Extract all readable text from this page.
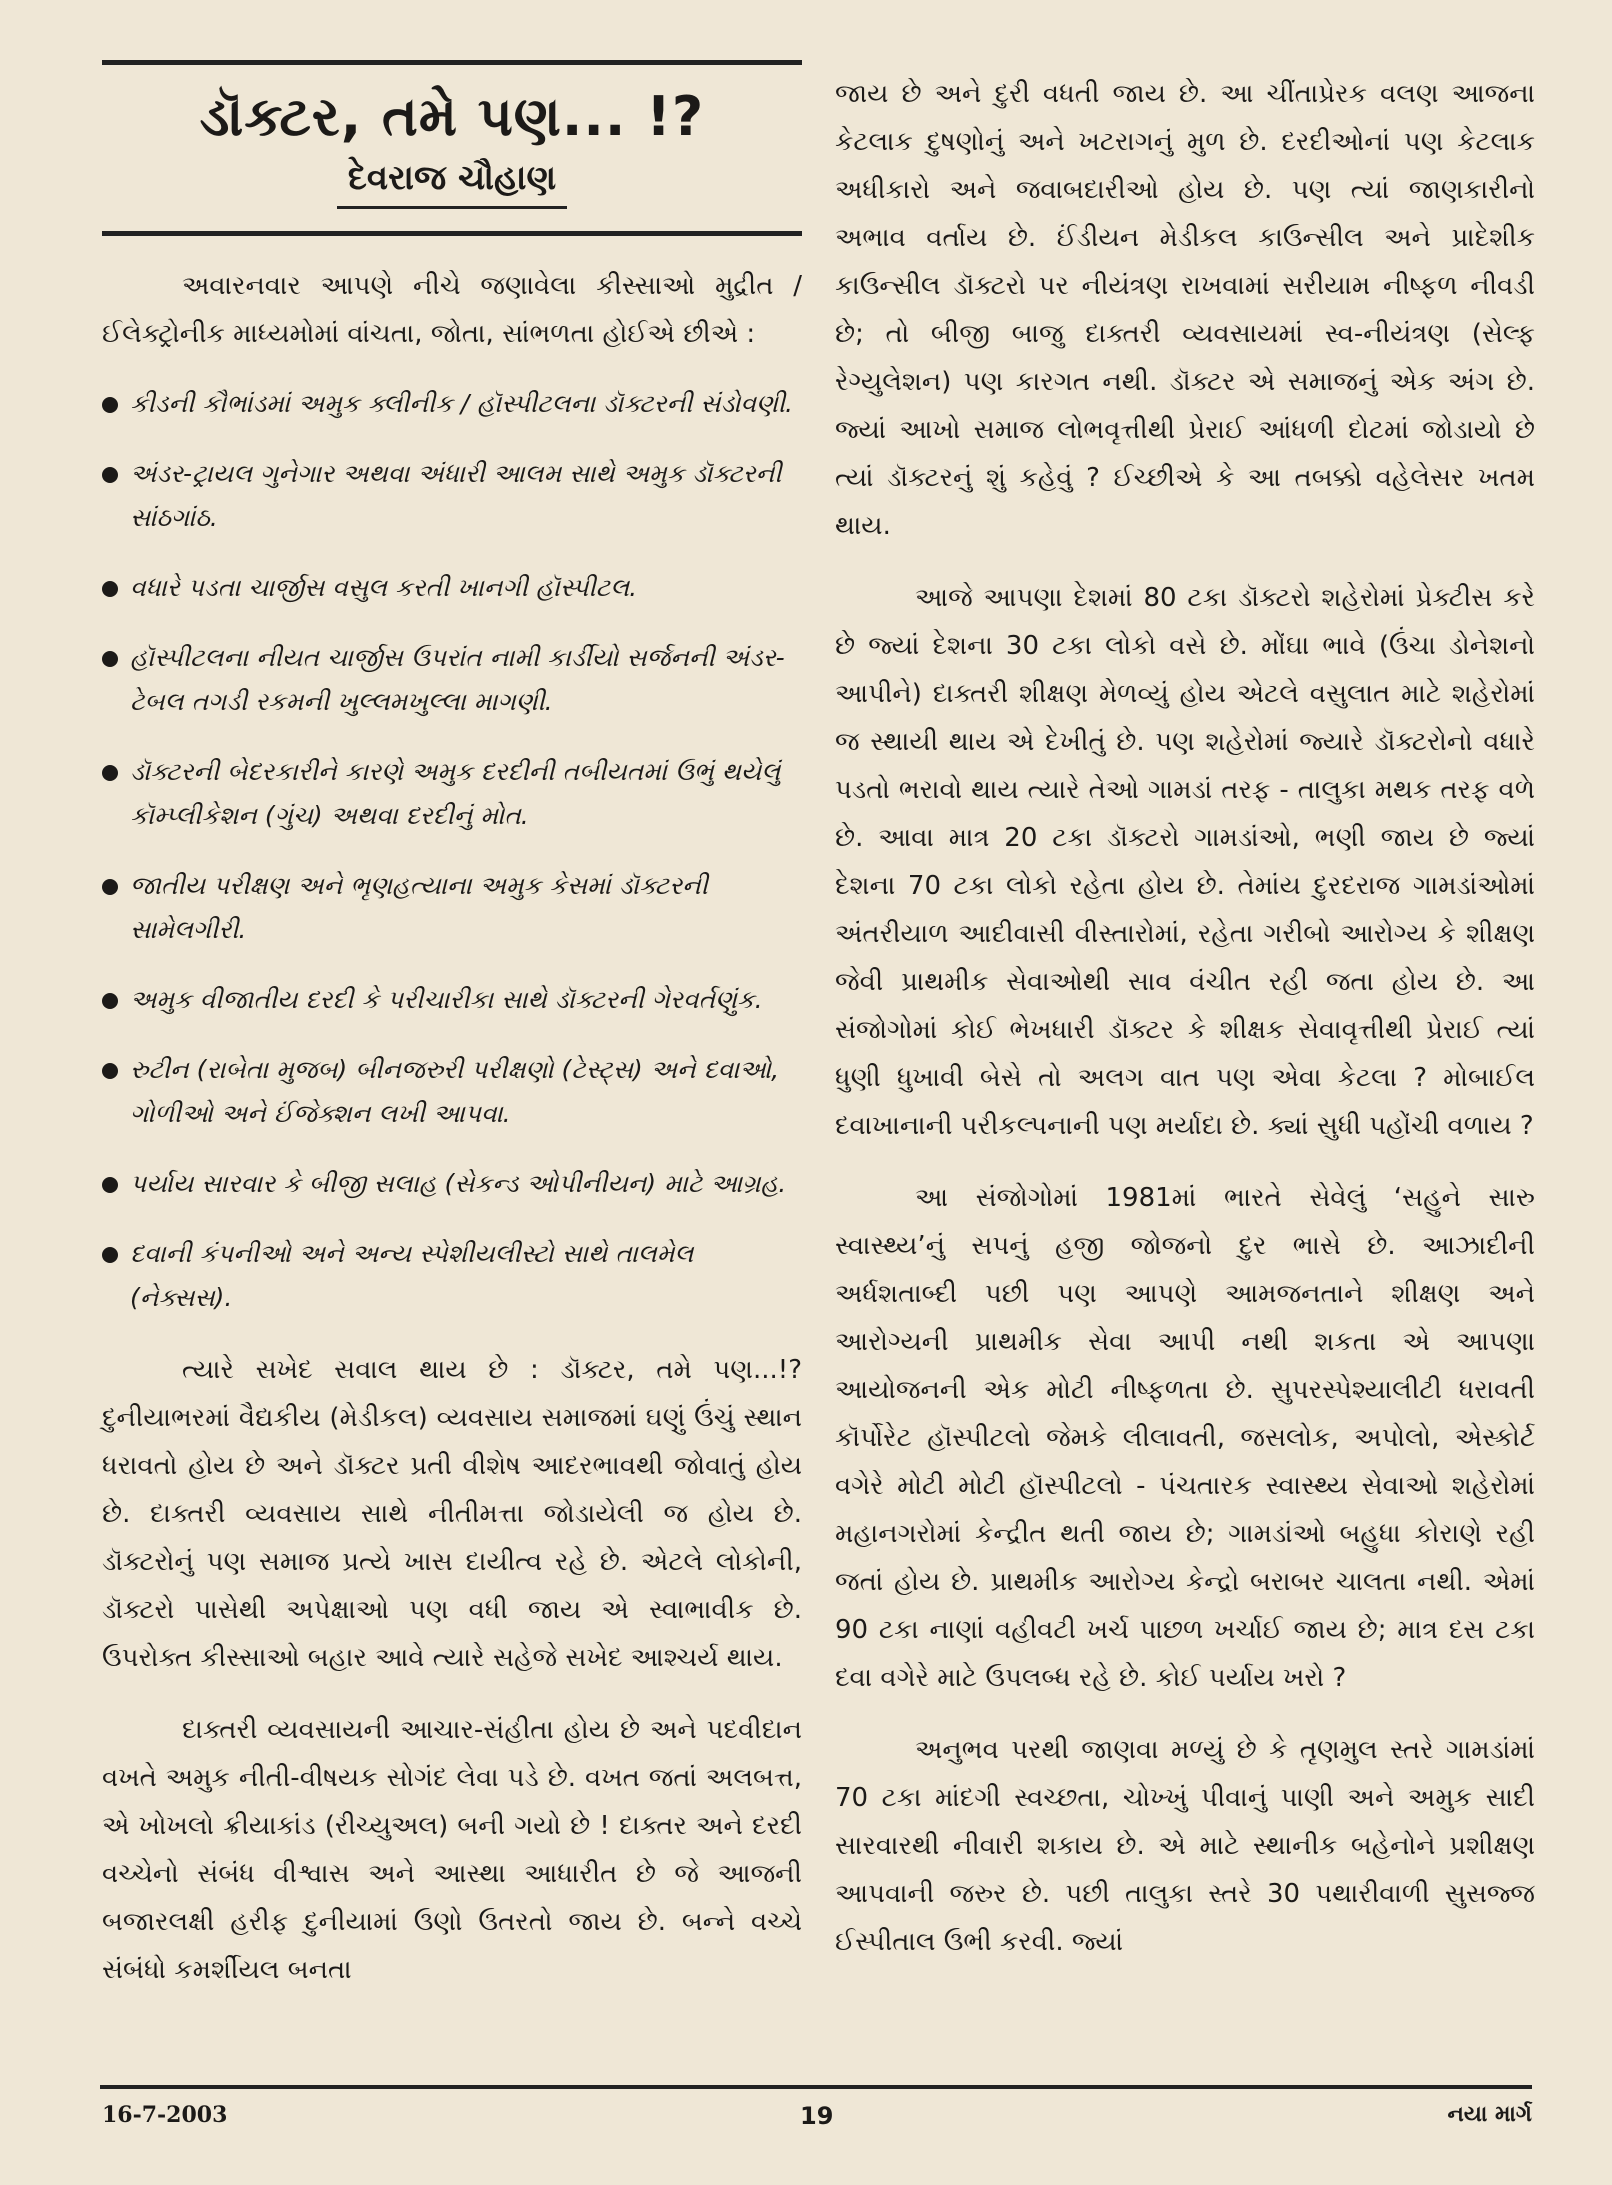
ડૉક્ટર, તમે પણ... !?
દેવરાજ ચૌહાણ

અવારનવાર આપણે નીચે જણાવેલા કીસ્સાઓ મુદ્રીત / ઈલેક્ટ્રોનીક માધ્યમોમાં વાંચતા, જોતા, સાંભળતા હોઈએ છીએ :

કીડની કૌભાંડમાં અમુક ક્લીનીક / હૉસ્પીટલના ડૉક્ટરની સંડોવણી.
અંડર-ટ્રાયલ ગુનેગાર અથવા અંધારી આલમ સાથે અમુક ડૉક્ટરની સાંઠગાંઠ.
વધારે પડતા ચાર્જીસ વસુલ કરતી ખાનગી હૉસ્પીટલ.
હૉસ્પીટલના નીયત ચાર્જીસ ઉપરાંત નામી કાર્ડીયો સર્જનની અંડર-ટેબલ તગડી રકમની ખુલ્લમખુલ્લા માગણી.
ડૉક્ટરની બેદરકારીને કારણે અમુક દરદીની તબીયતમાં ઉભું થયેલું કૉમ્પ્લીકેશન (ગુંચ) અથવા દરદીનું મોત.
જાતીય પરીક્ષણ અને ભૃણહત્યાના અમુક કેસમાં ડૉક્ટરની સામેલગીરી.
અમુક વીજાતીય દરદી કે પરીચારીકા સાથે ડૉક્ટરની ગેરવર્તણુંક.
રુટીન (રાબેતા મુજબ) બીનજરુરી પરીક્ષણો (ટેસ્ટ્સ) અને દવાઓ, ગોળીઓ અને ઈંજેક્શન લખી આપવા.
પર્યાય સારવાર કે બીજી સલાહ (સેકન્ડ ઓપીનીયન) માટે આગ્રહ.
દવાની કંપનીઓ અને અન્ય સ્પેશીયલીસ્ટો સાથે તાલમેલ (નેક્સસ).

ત્યારે સખેદ સવાલ થાય છે : ડૉક્ટર, તમે પણ...!? દુનીયાભરમાં વૈદ્યકીય (મેડીકલ) વ્યવસાય સમાજમાં ઘણું ઉંચું સ્થાન ધરાવતો હોય છે અને ડૉક્ટર પ્રતી વીશેષ આદરભાવથી જોવાતું હોય છે. દાક્તરી વ્યવસાય સાથે નીતીમત્તા જોડાયેલી જ હોય છે. ડૉક્ટરોનું પણ સમાજ પ્રત્યે ખાસ દાયીત્વ રહે છે. એટલે લોકોની, ડૉક્ટરો પાસેથી અપેક્ષાઓ પણ વધી જાય એ સ્વાભાવીક છે. ઉપરોક્ત કીસ્સાઓ બહાર આવે ત્યારે સહેજે સખેદ આશ્ચર્ય થાય.

દાક્તરી વ્યવસાયની આચાર-સંહીતા હોય છે અને પદવીદાન વખતે અમુક નીતી-વીષયક સોગંદ લેવા પડે છે. વખત જતાં અલબત્ત, એ ખોખલો ક્રીયાકાંડ (રીચ્યુઅલ) બની ગયો છે ! દાક્તર અને દરદી વચ્ચેનો સંબંધ વીશ્વાસ અને આસ્થા આધારીત છે જે આજની બજારલક્ષી હરીફ દુનીયામાં ઉણો ઉતરતો જાય છે. બન્ને વચ્ચે સંબંધો કમર્શીયલ બનતા

જાય છે અને દુરી વધતી જાય છે. આ ચીંતાપ્રેરક વલણ આજના કેટલાક દુષણોનું અને ખટરાગનું મુળ છે. દરદીઓનાં પણ કેટલાક અધીકારો અને જવાબદારીઓ હોય છે. પણ ત્યાં જાણકારીનો અભાવ વર્તાય છે. ઈંડીયન મેડીકલ કાઉન્સીલ અને પ્રાદેશીક કાઉન્સીલ ડૉક્ટરો પર નીયંત્રણ રાખવામાં સરીયામ નીષ્ફળ નીવડી છે; તો બીજી બાજુ દાક્તરી વ્યવસાયમાં સ્વ-નીયંત્રણ (સેલ્ફ રેગ્યુલેશન) પણ કારગત નથી. ડૉક્ટર એ સમાજનું એક અંગ છે. જ્યાં આખો સમાજ લોભવૃત્તીથી પ્રેરાઈ આંધળી દોટમાં જોડાયો છે ત્યાં ડૉક્ટરનું શું કહેવું ? ઈચ્છીએ કે આ તબક્કો વહેલેસર ખતમ થાય.

આજે આપણા દેશમાં 80 ટકા ડૉક્ટરો શહેરોમાં પ્રેક્ટીસ કરે છે જ્યાં દેશના 30 ટકા લોકો વસે છે. મોંઘા ભાવે (ઉંચા ડોનેશનો આપીને) દાક્તરી શીક્ષણ મેળવ્યું હોય એટલે વસુલાત માટે શહેરોમાં જ સ્થાયી થાય એ દેખીતું છે. પણ શહેરોમાં જ્યારે ડૉક્ટરોનો વધારે પડતો ભરાવો થાય ત્યારે તેઓ ગામડાં તરફ - તાલુકા મથક તરફ વળે છે. આવા માત્ર 20 ટકા ડૉક્ટરો ગામડાંઓ, ભણી જાય છે જ્યાં દેશના 70 ટકા લોકો રહેતા હોય છે. તેમાંય દુરદરાજ ગામડાંઓમાં અંતરીયાળ આદીવાસી વીસ્તારોમાં, રહેતા ગરીબો આરોગ્ય કે શીક્ષણ જેવી પ્રાથમીક સેવાઓથી સાવ વંચીત રહી જતા હોય છે. આ સંજોગોમાં કોઈ ભેખધારી ડૉક્ટર કે શીક્ષક સેવાવૃત્તીથી પ્રેરાઈ ત્યાં ધુણી ધુખાવી બેસે તો અલગ વાત પણ એવા કેટલા ? મોબાઈલ દવાખાનાની પરીકલ્પનાની પણ મર્યાદા છે. ક્યાં સુધી પહોંચી વળાય ?

આ સંજોગોમાં 1981માં ભારતે સેવેલું ‘સહુને સારુ સ્વાસ્થ્ય’નું સપનું હજી જોજનો દુર ભાસે છે. આઝાદીની અર્ધશતાબ્દી પછી પણ આપણે આમજનતાને શીક્ષણ અને આરોગ્યની પ્રાથમીક સેવા આપી નથી શકતા એ આપણા આયોજનની એક મોટી નીષ્ફળતા છે. સુપરસ્પેશ્યાલીટી ધરાવતી કૉર્પોરેટ હૉસ્પીટલો જેમકે લીલાવતી, જસલોક, અપોલો, એસ્કોર્ટ વગેરે મોટી મોટી હૉસ્પીટલો - પંચતારક સ્વાસ્થ્ય સેવાઓ શહેરોમાં મહાનગરોમાં કેન્દ્રીત થતી જાય છે; ગામડાંઓ બહુધા કોરાણે રહી જતાં હોય છે. પ્રાથમીક આરોગ્ય કેન્દ્રો બરાબર ચાલતા નથી. એમાં 90 ટકા નાણાં વહીવટી ખર્ચ પાછળ ખર્ચાઈ જાય છે; માત્ર દસ ટકા દવા વગેરે માટે ઉપલબ્ધ રહે છે. કોઈ પર્યાય ખરો ?

અનુભવ પરથી જાણવા મળ્યું છે કે તૃણમુલ સ્તરે ગામડાંમાં 70 ટકા માંદગી સ્વચ્છતા, ચોખ્ખું પીવાનું પાણી અને અમુક સાદી સારવારથી નીવારી શકાય છે. એ માટે સ્થાનીક બહેનોને પ્રશીક્ષણ આપવાની જરુર છે. પછી તાલુકા સ્તરે 30 પથારીવાળી સુસજ્જ ઈસ્પીતાલ ઉભી કરવી. જ્યાં

16-7-2003	19	નયા માર્ગ
